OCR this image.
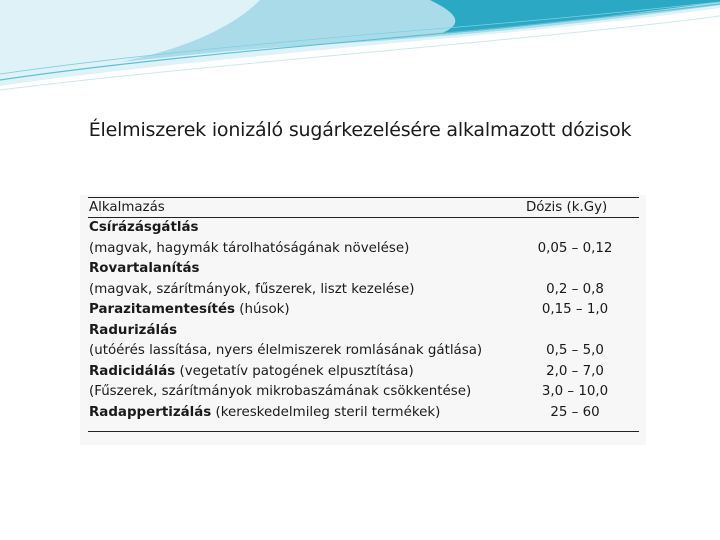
Élelmiszerek ionizáló sugárkezelésére alkalmazott dózisok
Alkalmazás	Dózis (k.Gy)
Csírázásgátlás
(magvak, hagymák tárolhatóságának növelése)	0,05 – 0,12
Rovartalanítás
(magvak, szárítmányok, fűszerek, liszt kezelése)	0,2 – 0,8
Parazitamentesítés (húsok)	0,15 – 1,0
Radurizálás
(utóérés lassítása, nyers élelmiszerek romlásának gátlása)	0,5 – 5,0
Radicidálás (vegetatív patogének elpusztítása)	2,0 – 7,0
(Fűszerek, szárítmányok mikrobaszámának csökkentése)	3,0 – 10,0
Radappertizálás (kereskedelmileg steril termékek)	25 – 60
